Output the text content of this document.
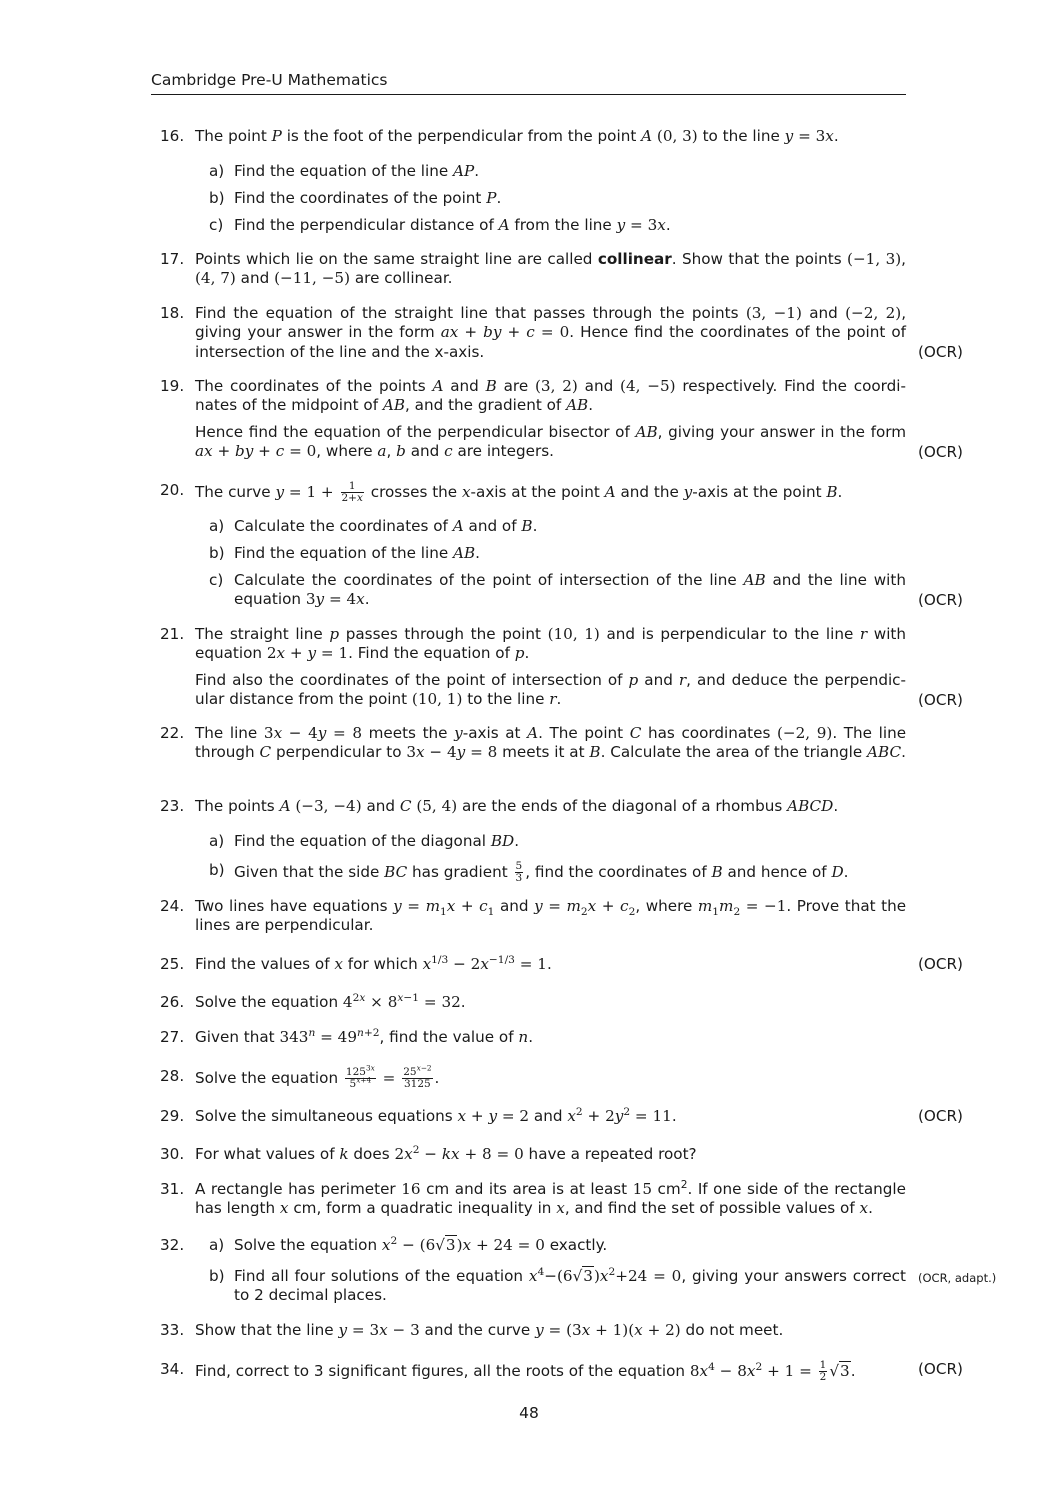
Cambridge Pre-U Mathematics
16. The point P is the foot of the perpendicular from the point A (0, 3) to the line y = 3x.
a) Find the equation of the line AP.
b) Find the coordinates of the point P.
c) Find the perpendicular distance of A from the line y = 3x.
17. Points which lie on the same straight line are called collinear. Show that the points (−1, 3), (4, 7) and (−11, −5) are collinear.
18. Find the equation of the straight line that passes through the points (3, −1) and (−2, 2), giving your answer in the form ax + by + c = 0. Hence find the coordinates of the point of intersection of the line and the x-axis.	(OCR)
19. The coordinates of the points A and B are (3, 2) and (4, −5) respectively. Find the coordi- nates of the midpoint of AB, and the gradient of AB.
Hence find the equation of the perpendicular bisector of AB, giving your answer in the form ax + by + c = 0, where a, b and c are integers.	(OCR)
20. The curve $y = 1 + \frac{1}{2+x}$ crosses the x-axis at the point A and the y-axis at the point B.
a) Calculate the coordinates of A and of B.
b) Find the equation of the line AB.
c) Calculate the coordinates of the point of intersection of the line AB and the line with equation 3y = 4x.	(OCR)
21. The straight line p passes through the point (10, 1) and is perpendicular to the line r with equation 2x + y = 1. Find the equation of p.
Find also the coordinates of the point of intersection of p and r, and deduce the perpendic- ular distance from the point (10, 1) to the line r.	(OCR)
22. The line 3x − 4y = 8 meets the y-axis at A. The point C has coordinates (−2, 9). The line through C perpendicular to 3x − 4y = 8 meets it at B. Calculate the area of the triangle ABC.
23. The points A (−3, −4) and C (5, 4) are the ends of the diagonal of a rhombus ABCD.
a) Find the equation of the diagonal BD.
b) Given that the side BC has gradient $\frac{5}{3}$ , find the coordinates of B and hence of D.
24. Two lines have equations $y = m_1x + c_1$ and $y = m_2x + c_2$, where $m_1m_2 = -1$. Prove that the lines are perpendicular.
25. Find the values of x for which $x^{1/3} - 2x^{-1/3} = 1$.	(OCR)
26. Solve the equation $4^{2x} \times 8^{x-1} = 32$.
27. Given that $343^n = 49^{n+2}$, find the value of n.
28. Solve the equation $\frac{125^{3x}}{5^{x+4}} = \frac{25^{x-2}}{3125}$ .
29. Solve the simultaneous equations x + y = 2 and $x^2 + 2y^2 = 11$.	(OCR)
30. For what values of k does $2x^2$ − kx + 8 = 0 have a repeated root?
31. A rectangle has perimeter 16 cm and its area is at least 15 $cm^2$. If one side of the rectangle has length x cm, form a quadratic inequality in x, and find the set of possible values of x.
32. a) Solve the equation $x^2 - (6√3)x + 24 = 0$ exactly.
b) Find all four solutions of the equation $x^4-(6√3)x^2+24 = 0$, giving your answers correct to 2 decimal places.
(OCR, adapt.)
33. Show that the line y = 3x − 3 and the curve y = (3x + 1)(x + 2) do not meet.
34. Find, correct to 3 significant figures, all the roots of the equation $8x^4 - 8x^2 + 1 = \frac{1}{2} √3$.	(OCR)
48
